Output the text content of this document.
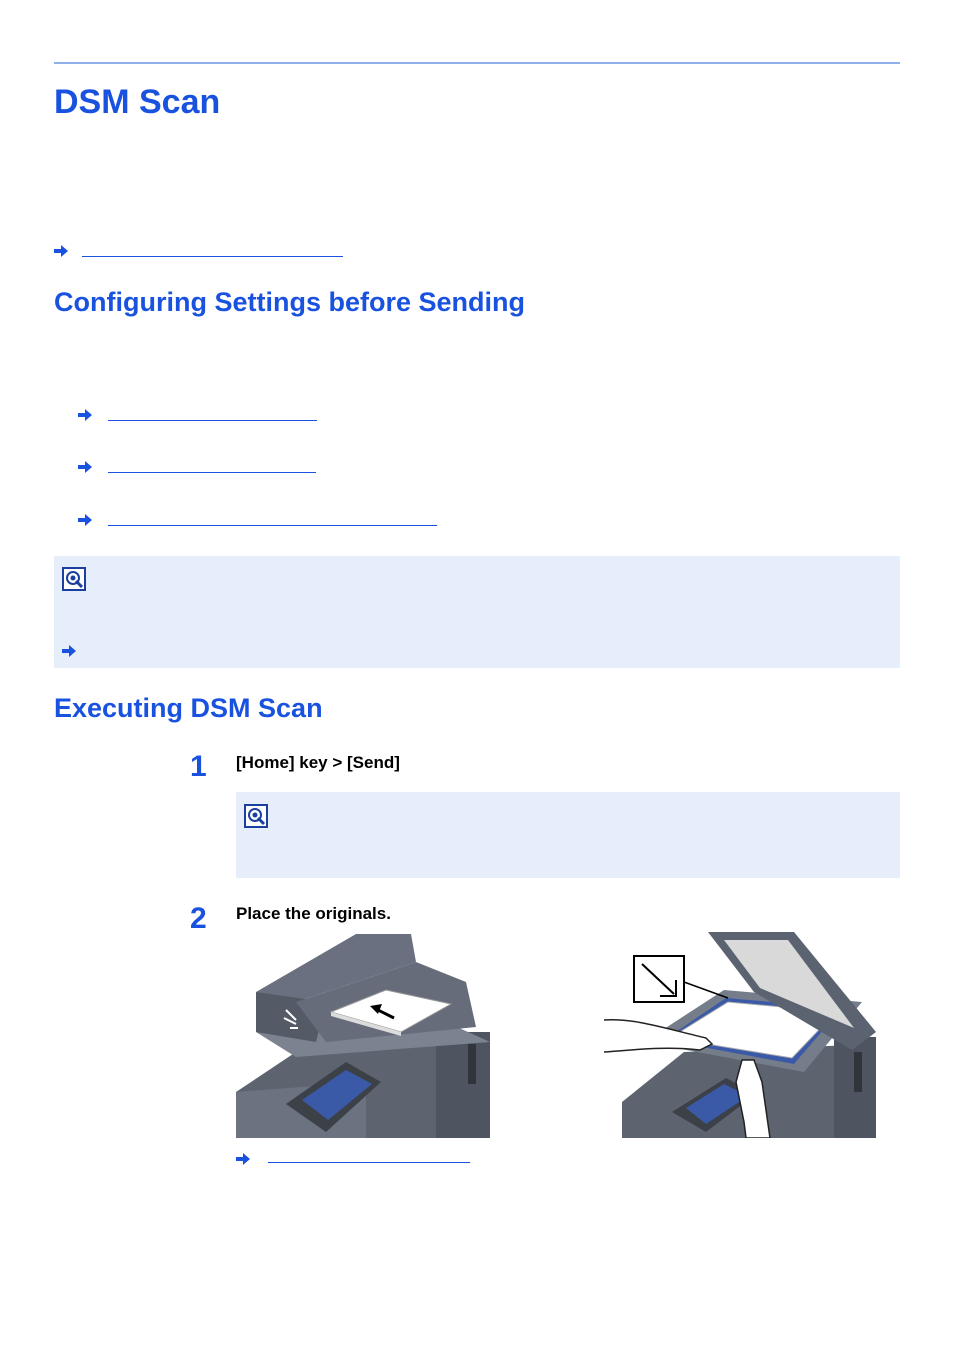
DSM Scan
Configuring Settings before Sending
Executing DSM Scan
1 [Home] key > [Send]
2 Place the originals.
